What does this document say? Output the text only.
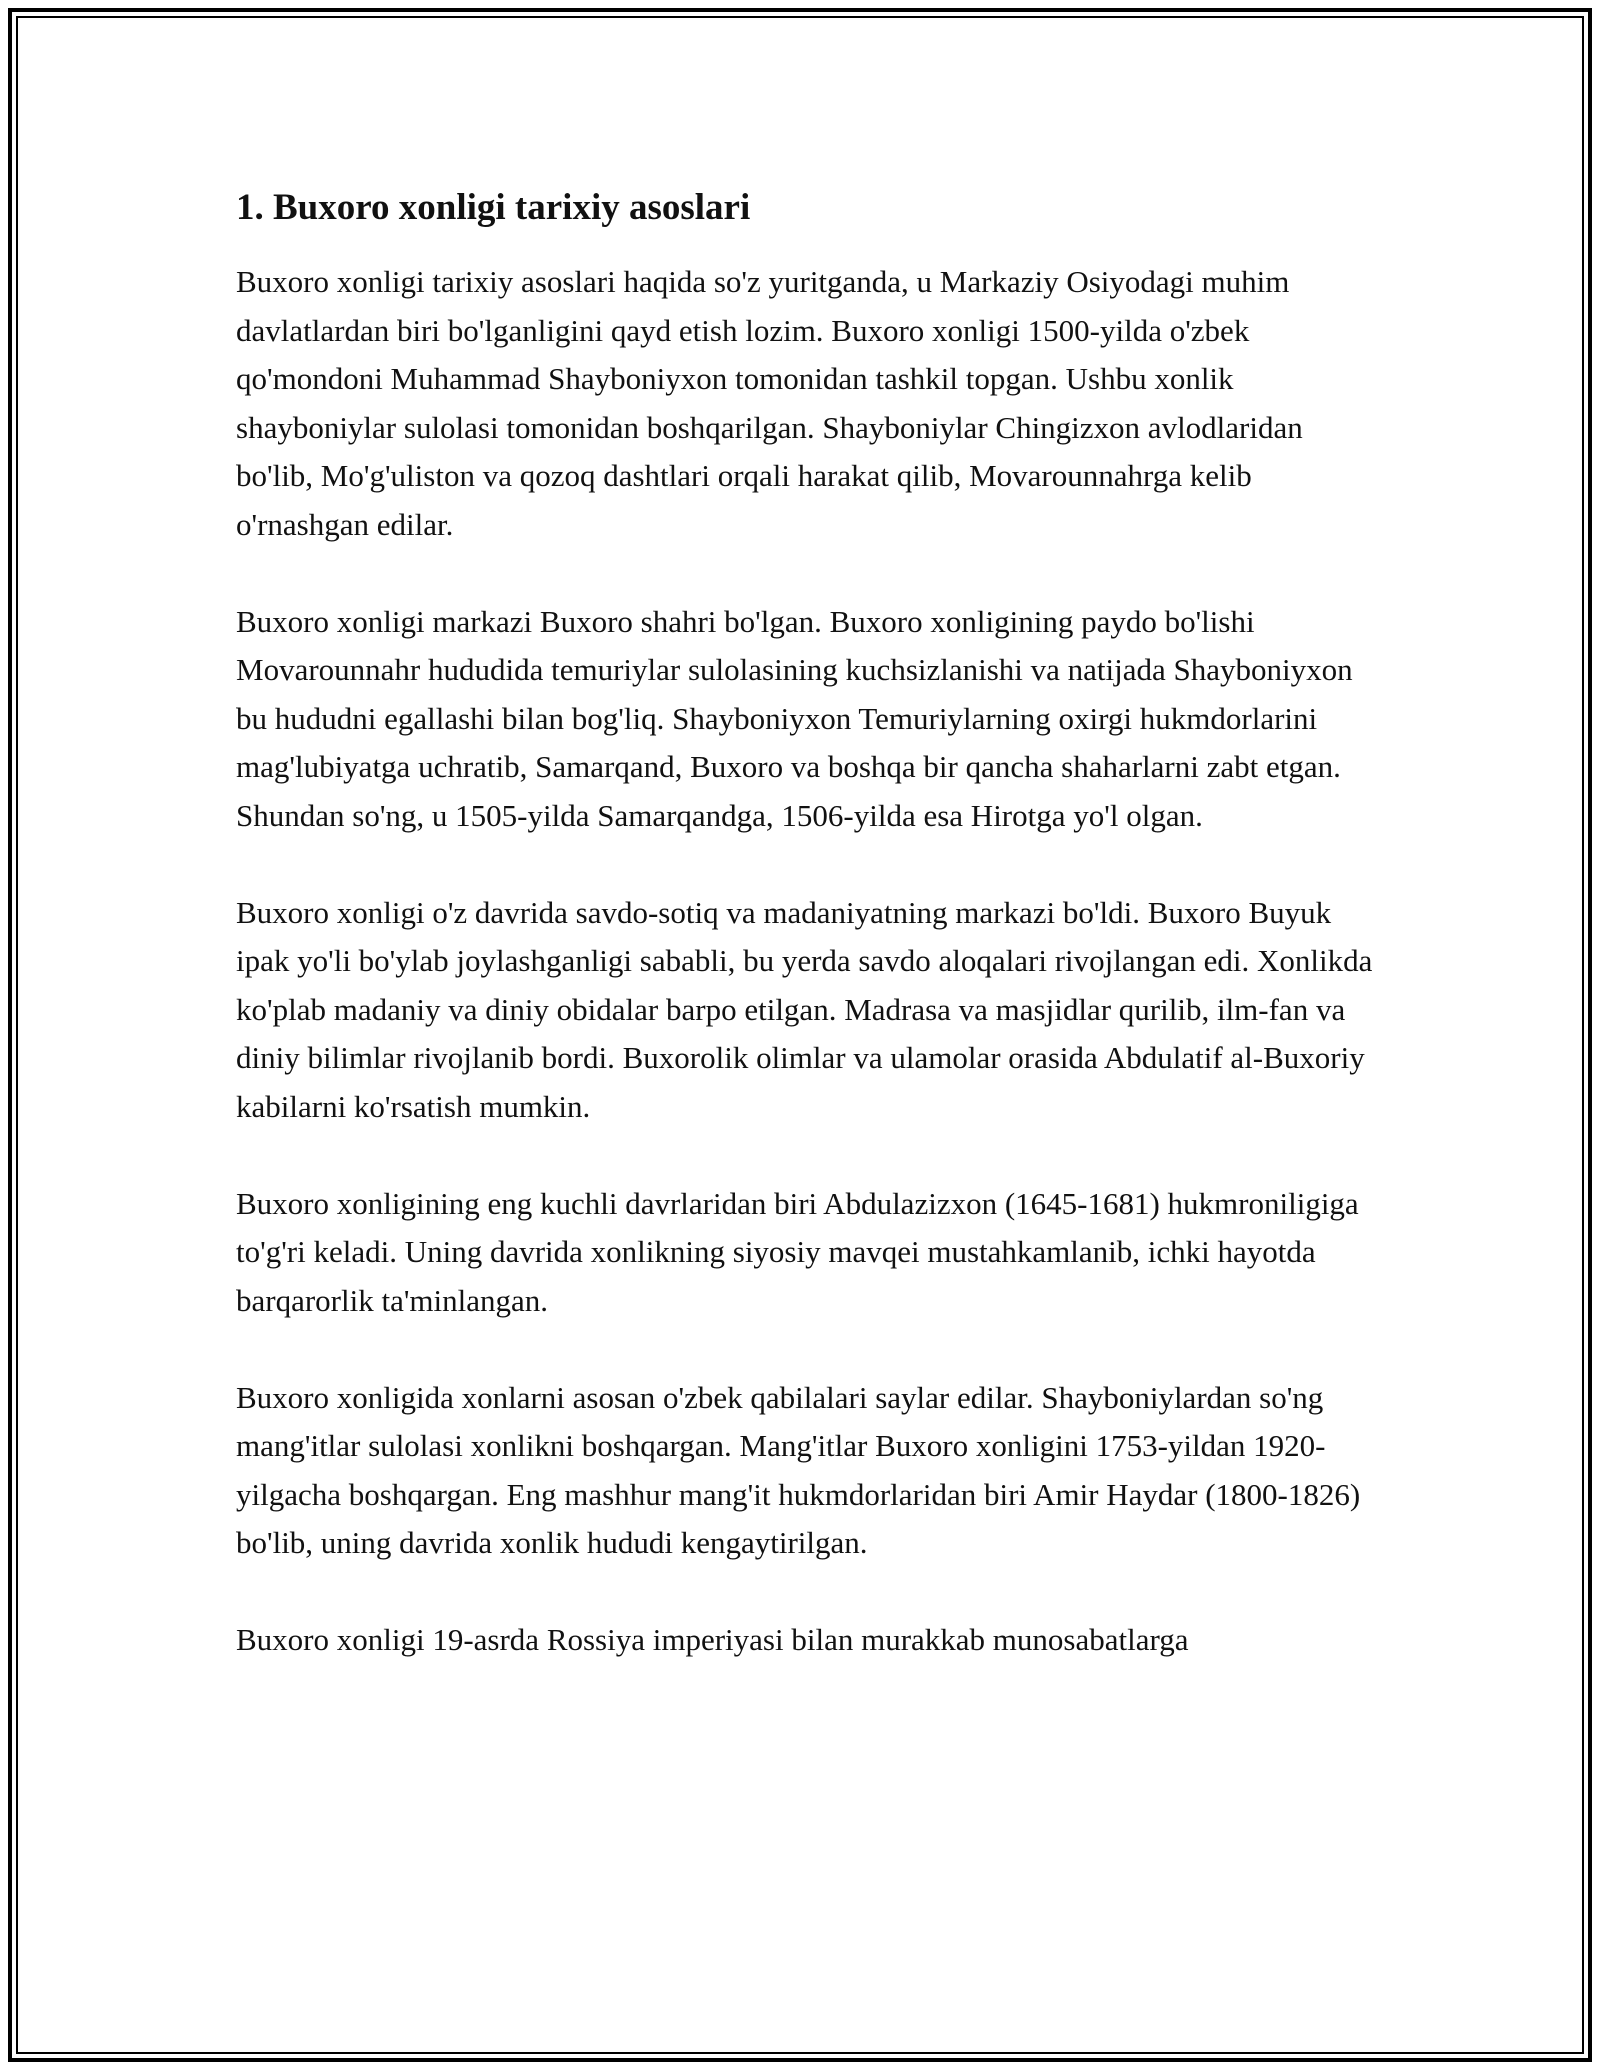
1. Buxoro xonligi tarixiy asoslari

Buxoro xonligi tarixiy asoslari haqida so'z yuritganda, u Markaziy Osiyodagi muhim davlatlardan biri bo'lganligini qayd etish lozim. Buxoro xonligi 1500-yilda o'zbek qo'mondoni Muhammad Shayboniyxon tomonidan tashkil topgan. Ushbu xonlik shayboniylar sulolasi tomonidan boshqarilgan. Shayboniylar Chingizxon avlodlaridan bo'lib, Mo'g'uliston va qozoq dashtlari orqali harakat qilib, Movarounnahrga kelib o'rnashgan edilar.

Buxoro xonligi markazi Buxoro shahri bo'lgan. Buxoro xonligining paydo bo'lishi Movarounnahr hududida temuriylar sulolasining kuchsizlanishi va natijada Shayboniyxon bu hududni egallashi bilan bog'liq. Shayboniyxon Temuriylarning oxirgi hukmdorlarini mag'lubiyatga uchratib, Samarqand, Buxoro va boshqa bir qancha shaharlarni zabt etgan. Shundan so'ng, u 1505-yilda Samarqandga, 1506-yilda esa Hirotga yo'l olgan.

Buxoro xonligi o'z davrida savdo-sotiq va madaniyatning markazi bo'ldi. Buxoro Buyuk ipak yo'li bo'ylab joylashganligi sababli, bu yerda savdo aloqalari rivojlangan edi. Xonlikda ko'plab madaniy va diniy obidalar barpo etilgan. Madrasa va masjidlar qurilib, ilm-fan va diniy bilimlar rivojlanib bordi. Buxorolik olimlar va ulamolar orasida Abdulatif al-Buxoriy kabilarni ko'rsatish mumkin.

Buxoro xonligining eng kuchli davrlaridan biri Abdulazizxon (1645-1681) hukmroniligiga to'g'ri keladi. Uning davrida xonlikning siyosiy mavqei mustahkamlanib, ichki hayotda barqarorlik ta'minlangan.

Buxoro xonligida xonlarni asosan o'zbek qabilalari saylar edilar. Shayboniylardan so'ng mang'itlar sulolasi xonlikni boshqargan. Mang'itlar Buxoro xonligini 1753-yildan 1920-yilgacha boshqargan. Eng mashhur mang'it hukmdorlaridan biri Amir Haydar (1800-1826) bo'lib, uning davrida xonlik hududi kengaytirilgan.

Buxoro xonligi 19-asrda Rossiya imperiyasi bilan murakkab munosabatlarga
